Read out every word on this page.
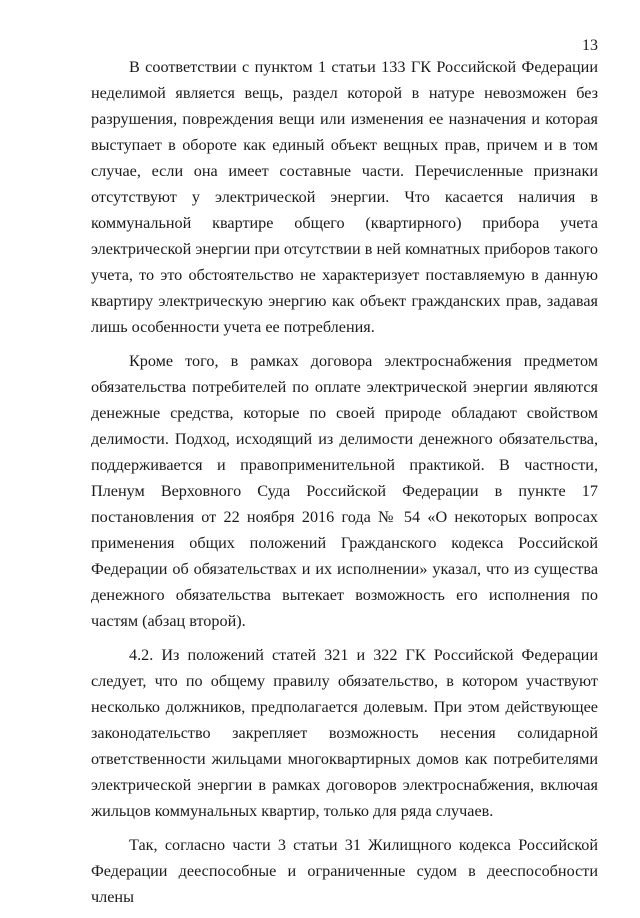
13

В соответствии с пунктом 1 статьи 133 ГК Российской Федерации неделимой является вещь, раздел которой в натуре невозможен без разрушения, повреждения вещи или изменения ее назначения и которая выступает в обороте как единый объект вещных прав, причем и в том случае, если она имеет составные части. Перечисленные признаки отсутствуют у электрической энергии. Что касается наличия в коммунальной квартире общего (квартирного) прибора учета электрической энергии при отсутствии в ней комнатных приборов такого учета, то это обстоятельство не характеризует поставляемую в данную квартиру электрическую энергию как объект гражданских прав, задавая лишь особенности учета ее потребления.

Кроме того, в рамках договора электроснабжения предметом обязательства потребителей по оплате электрической энергии являются денежные средства, которые по своей природе обладают свойством делимости. Подход, исходящий из делимости денежного обязательства, поддерживается и правоприменительной практикой. В частности, Пленум Верховного Суда Российской Федерации в пункте 17 постановления от 22 ноября 2016 года № 54 «О некоторых вопросах применения общих положений Гражданского кодекса Российской Федерации об обязательствах и их исполнении» указал, что из существа денежного обязательства вытекает возможность его исполнения по частям (абзац второй).

4.2. Из положений статей 321 и 322 ГК Российской Федерации следует, что по общему правилу обязательство, в котором участвуют несколько должников, предполагается долевым. При этом действующее законодательство закрепляет возможность несения солидарной ответственности жильцами многоквартирных домов как потребителями электрической энергии в рамках договоров электроснабжения, включая жильцов коммунальных квартир, только для ряда случаев.

Так, согласно части 3 статьи 31 Жилищного кодекса Российской Федерации дееспособные и ограниченные судом в дееспособности члены
